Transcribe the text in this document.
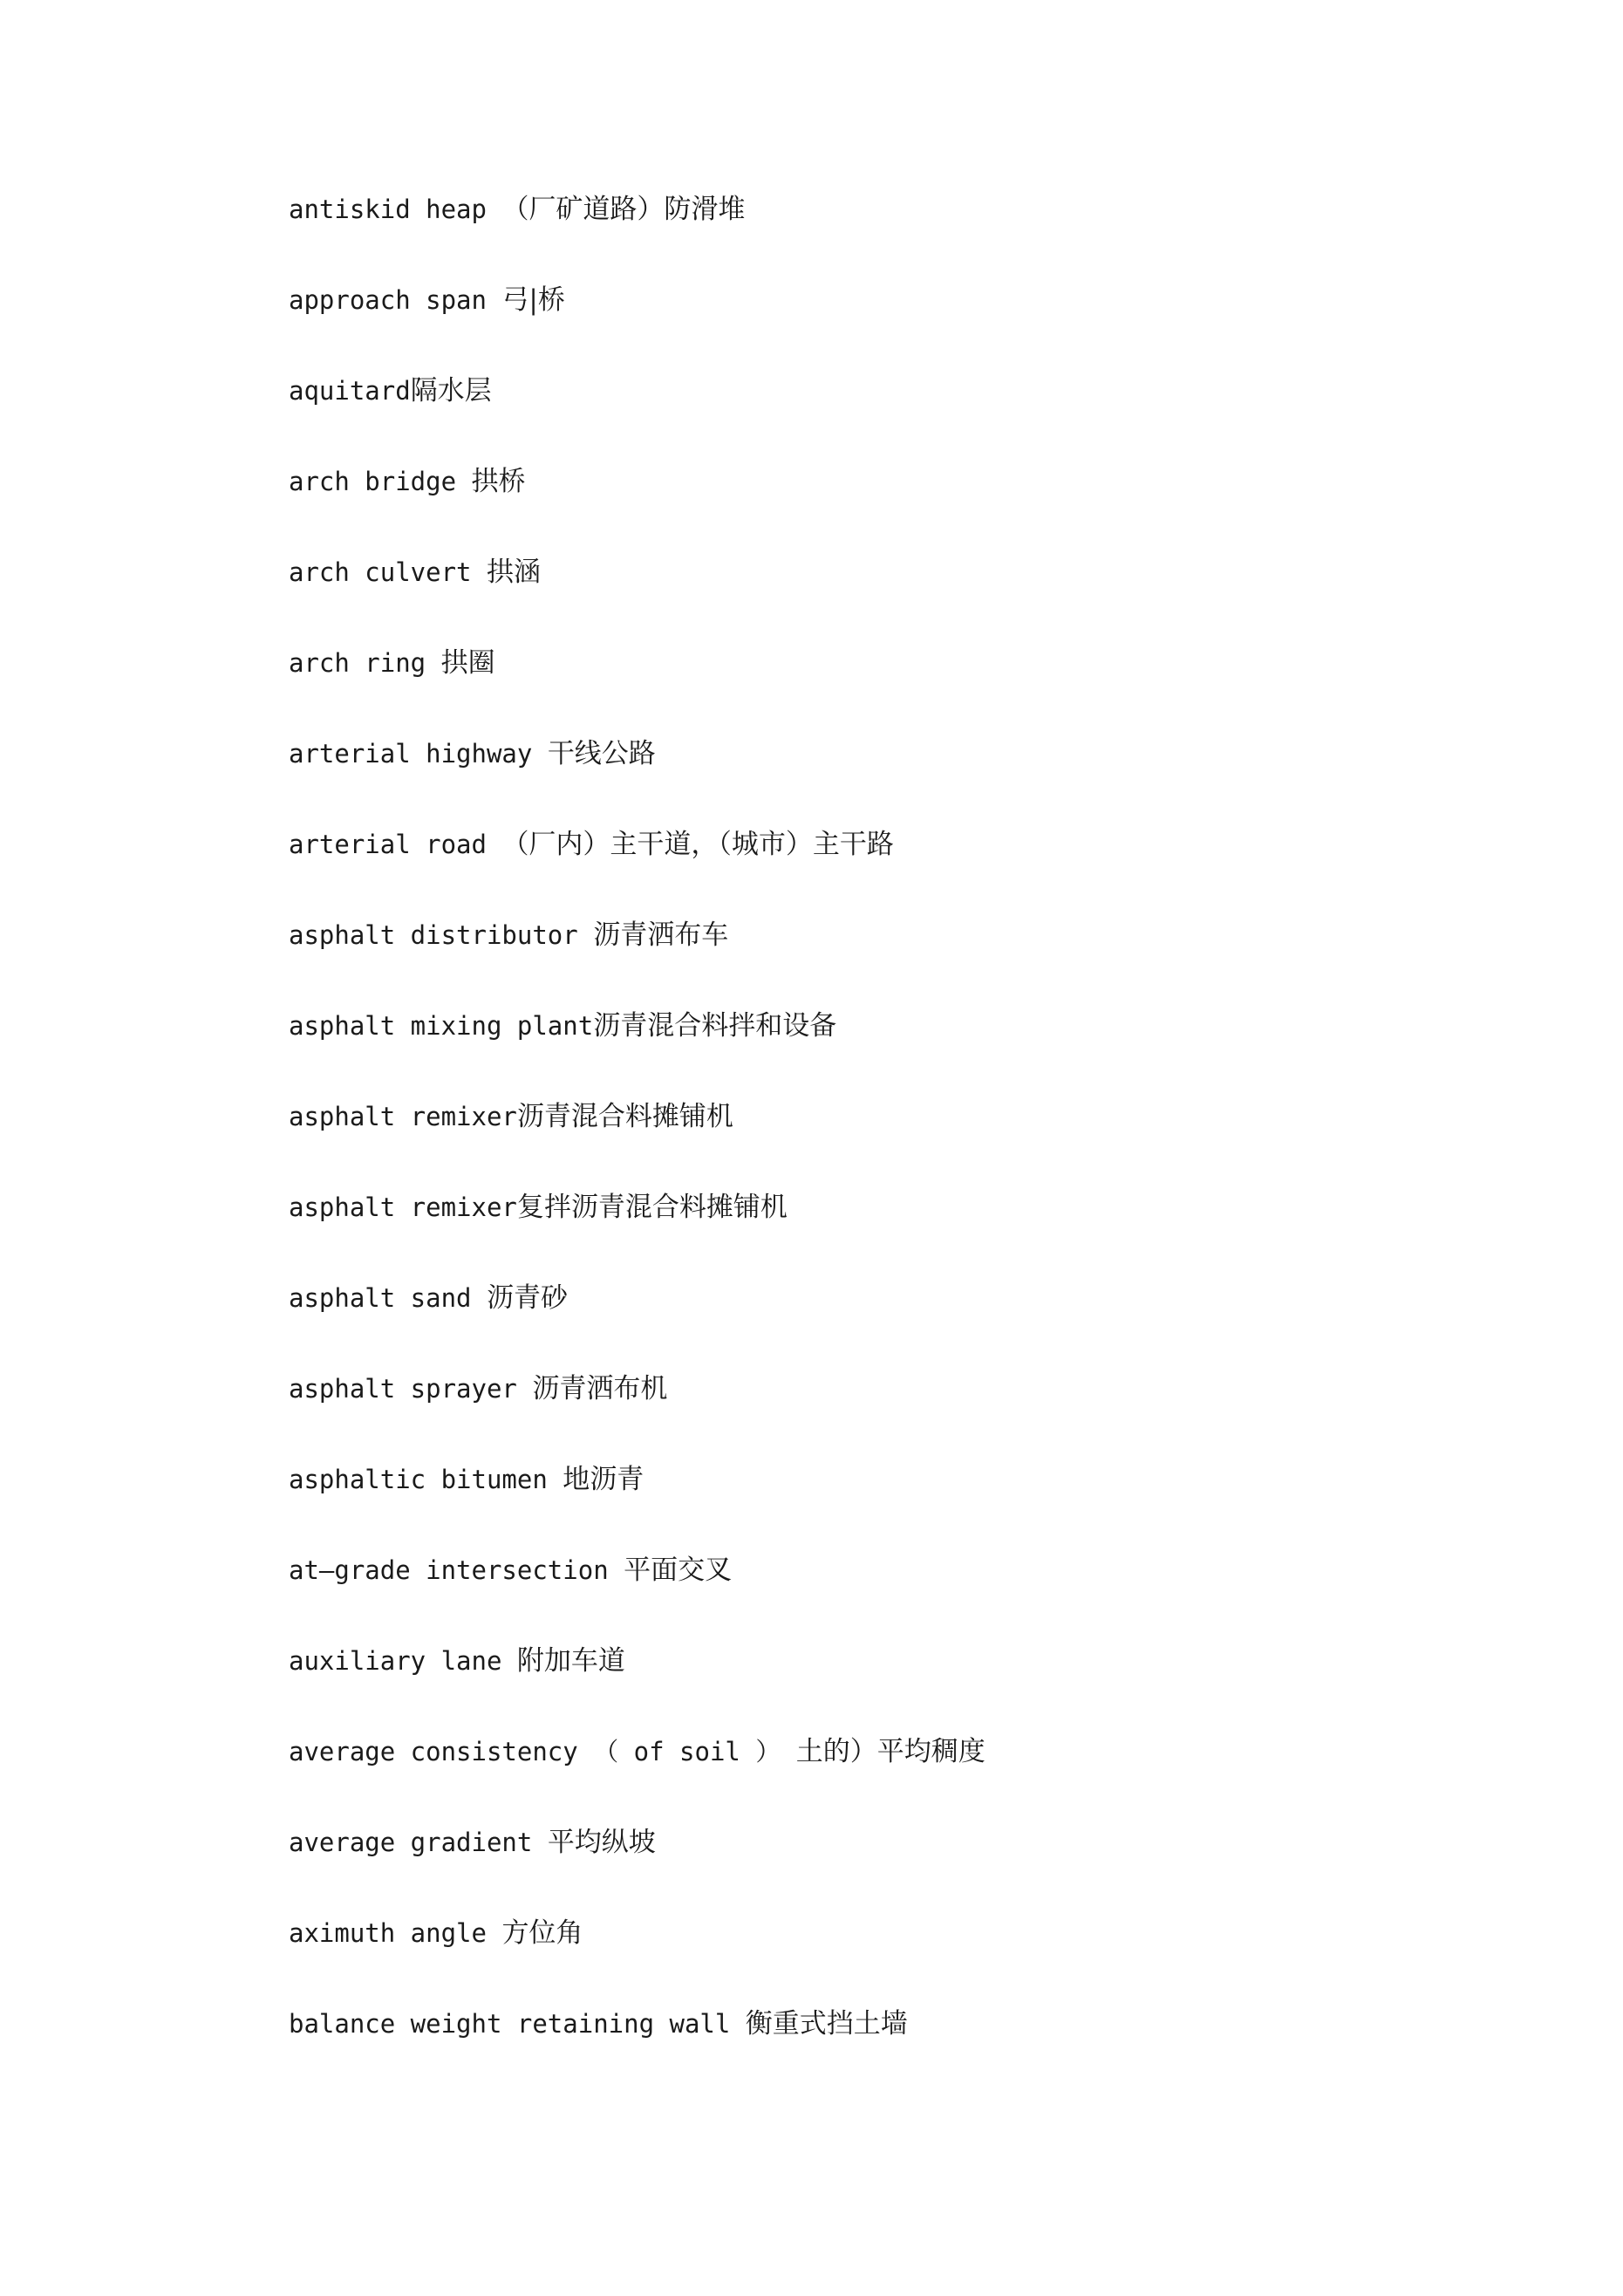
antiskid heap （厂矿道路）防滑堆
approach span 弓|桥
aquitard隔水层
arch bridge 拱桥
arch culvert 拱涵
arch ring 拱圈
arterial highway 干线公路
arterial road （厂内）主干道，（城市）主干路
asphalt distributor 沥青洒布车
asphalt mixing plant沥青混合料拌和设备
asphalt remixer沥青混合料摊铺机
asphalt remixer复拌沥青混合料摊铺机
asphalt sand 沥青砂
asphalt sprayer 沥青洒布机
asphaltic bitumen 地沥青
at—grade intersection 平面交叉
auxiliary lane 附加车道
average consistency （ of soil ） 土的）平均稠度
average gradient 平均纵坡
aximuth angle 方位角
balance weight retaining wall 衡重式挡土墙
